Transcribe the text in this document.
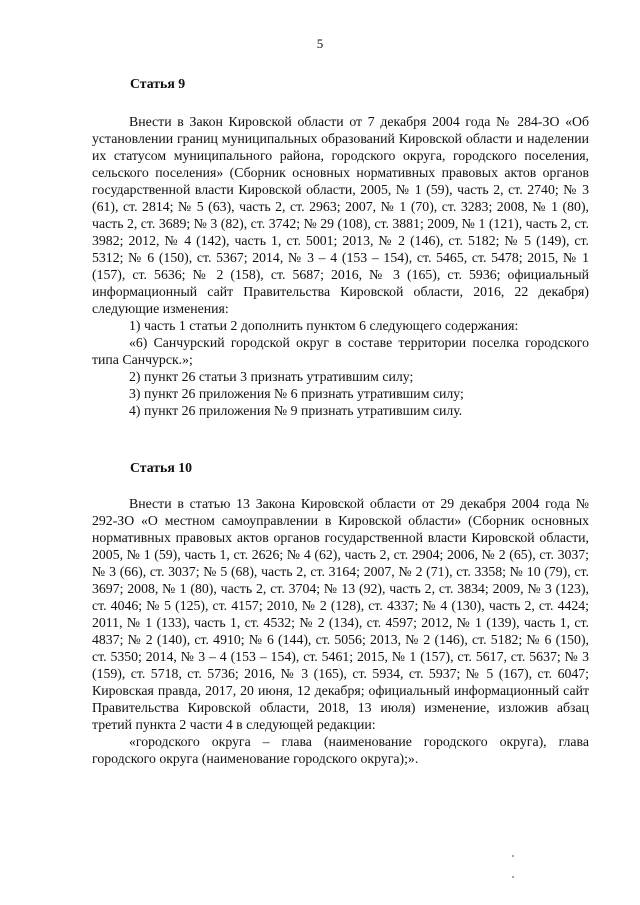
5
Статья 9

Внести в Закон Кировской области от 7 декабря 2004 года № 284-ЗО «Об установлении границ муниципальных образований Кировской области и наделении их статусом муниципального района, городского округа, городского поселения, сельского поселения» (Сборник основных нормативных правовых актов органов государственной власти Кировской области, 2005, № 1 (59), часть 2, ст. 2740; № 3 (61), ст. 2814; № 5 (63), часть 2, ст. 2963; 2007, № 1 (70), ст. 3283; 2008, № 1 (80), часть 2, ст. 3689; № 3 (82), ст. 3742; № 29 (108), ст. 3881; 2009, № 1 (121), часть 2, ст. 3982; 2012, № 4 (142), часть 1, ст. 5001; 2013, № 2 (146), ст. 5182; № 5 (149), ст. 5312; № 6 (150), ст. 5367; 2014, № 3 – 4 (153 – 154), ст. 5465, ст. 5478; 2015, № 1 (157), ст. 5636; № 2 (158), ст. 5687; 2016, № 3 (165), ст. 5936; официальный информационный сайт Правительства Кировской области, 2016, 22 декабря) следующие изменения:

1) часть 1 статьи 2 дополнить пунктом 6 следующего содержания:

«6) Санчурский городской округ в составе территории поселка городского типа Санчурск.»;

2) пункт 26 статьи 3 признать утратившим силу;

3) пункт 26 приложения № 6 признать утратившим силу;

4) пункт 26 приложения № 9 признать утратившим силу.

Статья 10

Внести в статью 13 Закона Кировской области от 29 декабря 2004 года № 292-ЗО «О местном самоуправлении в Кировской области» (Сборник основных нормативных правовых актов органов государственной власти Кировской области, 2005, № 1 (59), часть 1, ст. 2626; № 4 (62), часть 2, ст. 2904; 2006, № 2 (65), ст. 3037; № 3 (66), ст. 3037; № 5 (68), часть 2, ст. 3164; 2007, № 2 (71), ст. 3358; № 10 (79), ст. 3697; 2008, № 1 (80), часть 2, ст. 3704; № 13 (92), часть 2, ст. 3834; 2009, № 3 (123), ст. 4046; № 5 (125), ст. 4157; 2010, № 2 (128), ст. 4337; № 4 (130), часть 2, ст. 4424; 2011, № 1 (133), часть 1, ст. 4532; № 2 (134), ст. 4597; 2012, № 1 (139), часть 1, ст. 4837; № 2 (140), ст. 4910; № 6 (144), ст. 5056; 2013, № 2 (146), ст. 5182; № 6 (150), ст. 5350; 2014, № 3 – 4 (153 – 154), ст. 5461; 2015, № 1 (157), ст. 5617, ст. 5637; № 3 (159), ст. 5718, ст. 5736; 2016, № 3 (165), ст. 5934, ст. 5937; № 5 (167), ст. 6047; Кировская правда, 2017, 20 июня, 12 декабря; официальный информационный сайт Правительства Кировской области, 2018, 13 июля) изменение, изложив абзац третий пункта 2 части 4 в следующей редакции:

«городского округа – глава (наименование городского округа), глава городского округа (наименование городского округа);».
